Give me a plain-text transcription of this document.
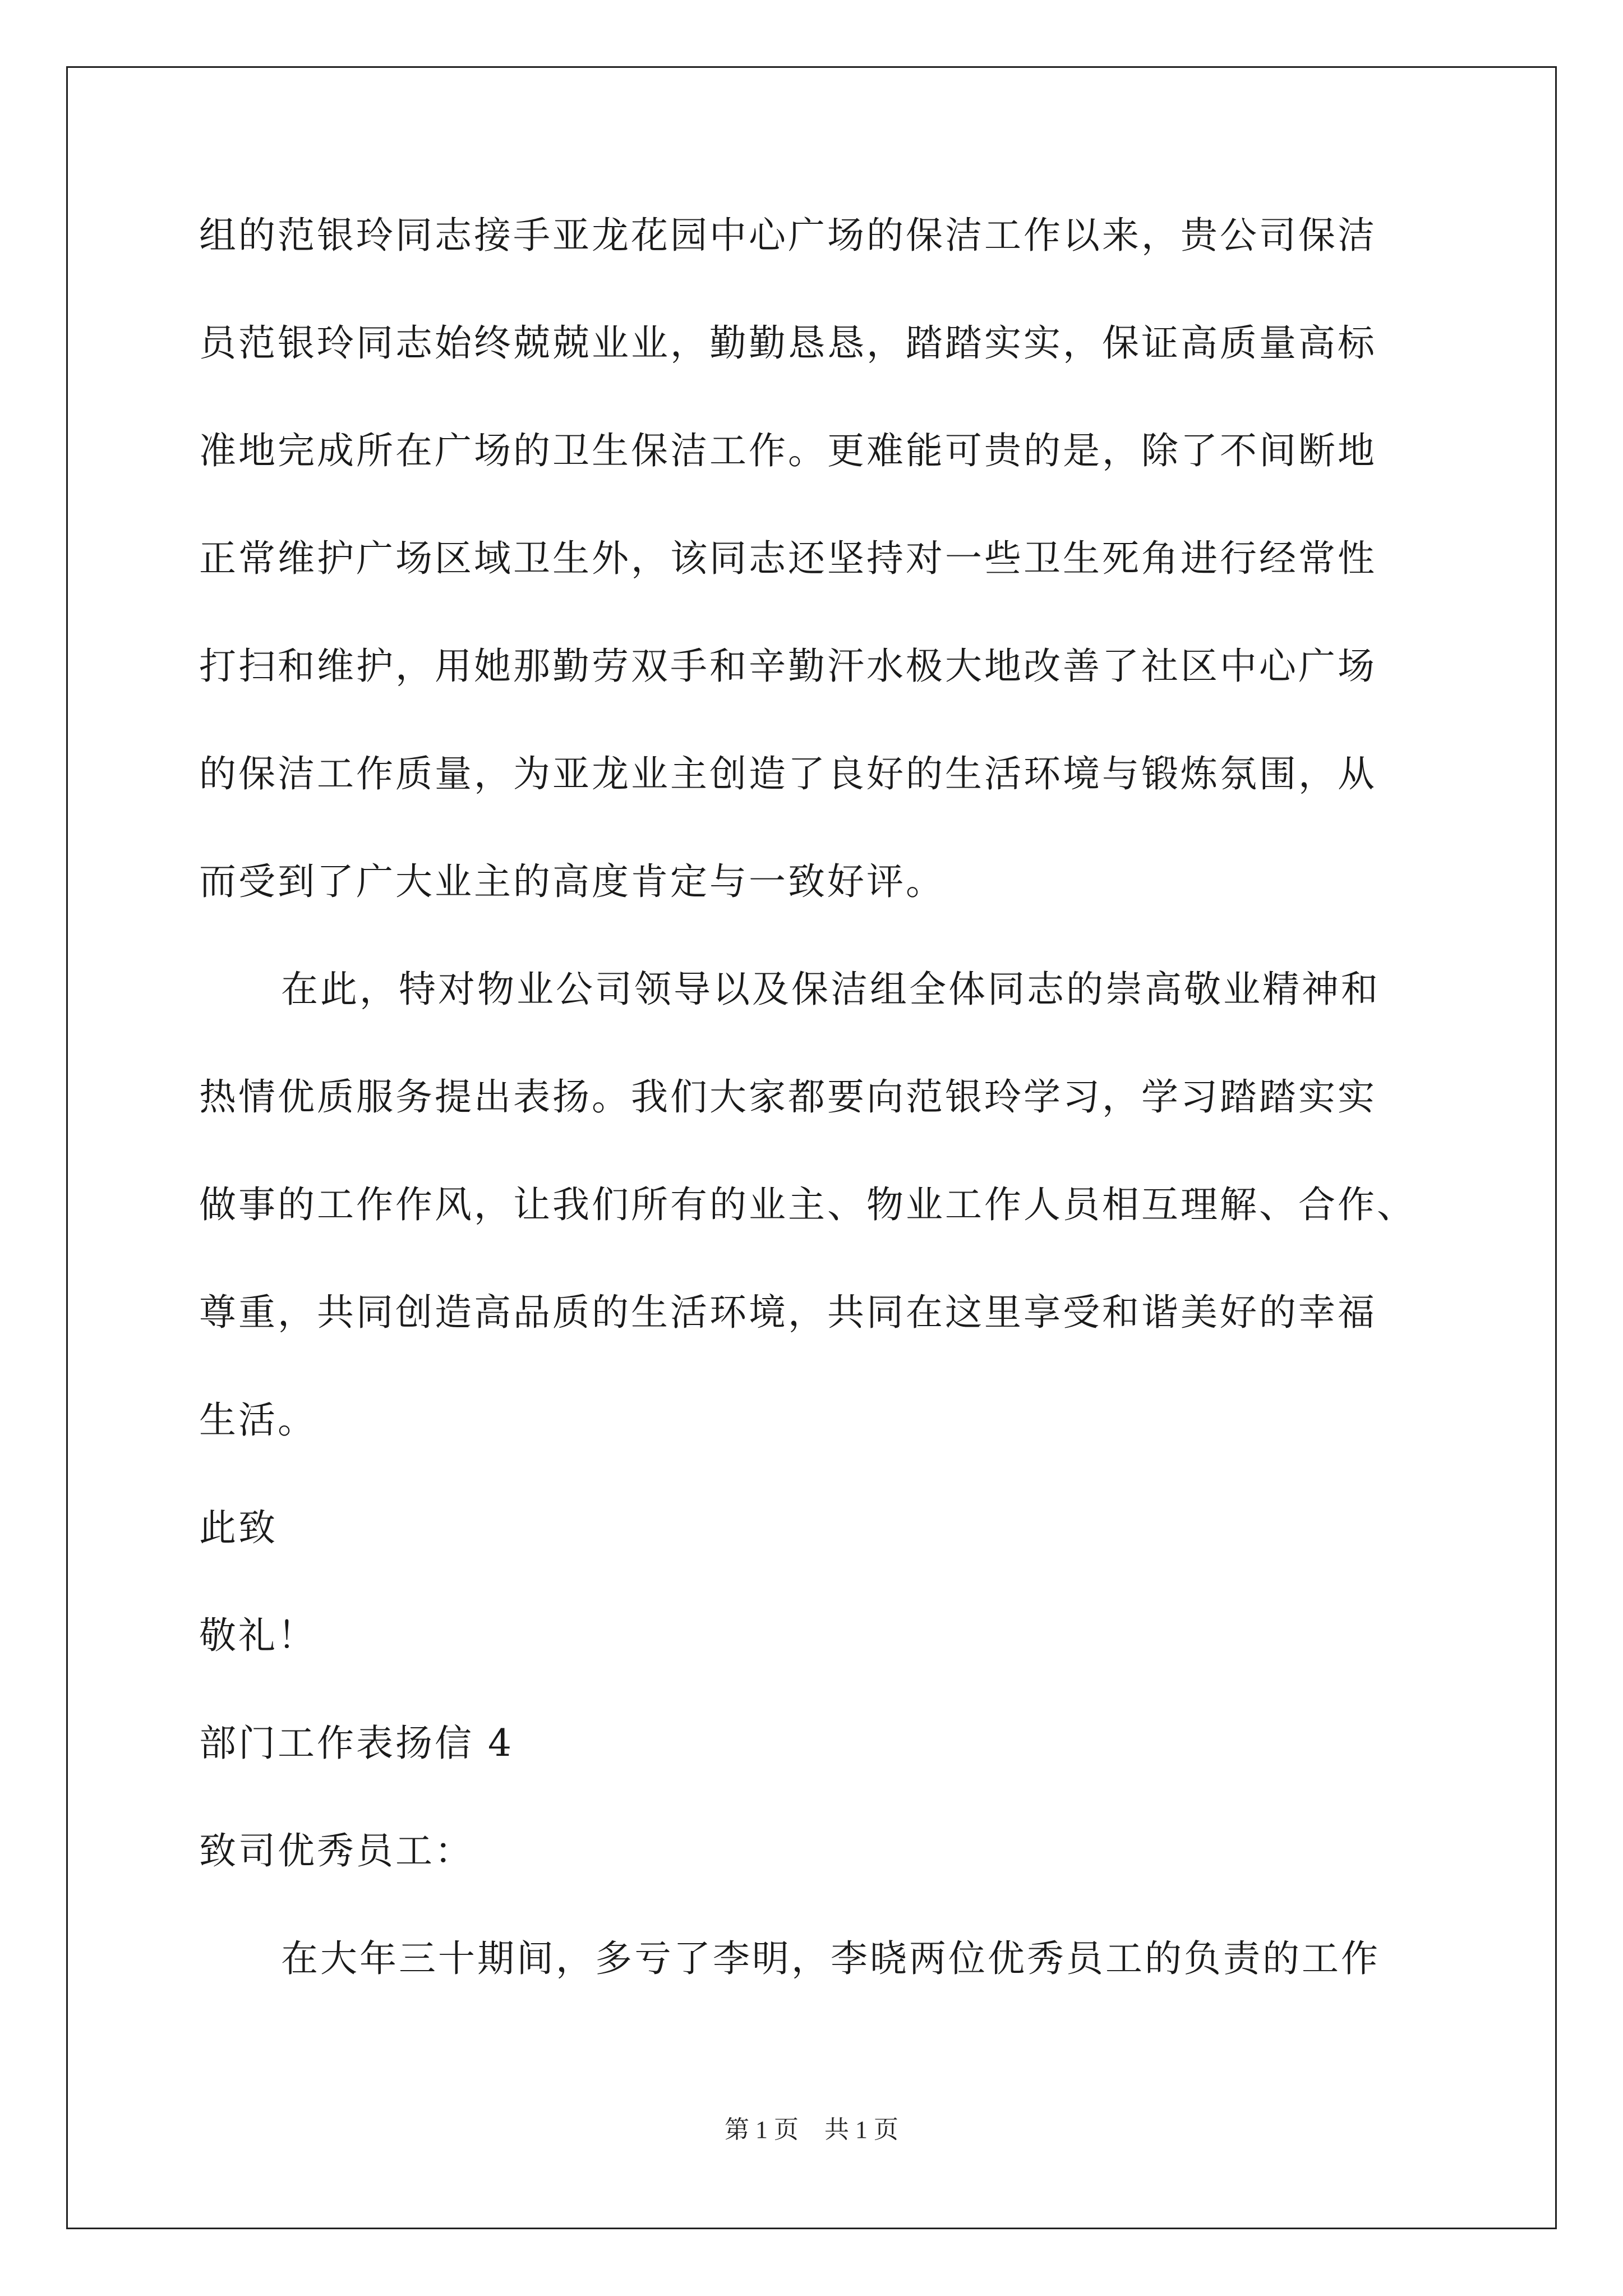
组的范银玲同志接手亚龙花园中心广场的保洁工作以来，贵公司保洁
员范银玲同志始终兢兢业业，勤勤恳恳，踏踏实实，保证高质量高标
准地完成所在广场的卫生保洁工作。更难能可贵的是，除了不间断地
正常维护广场区域卫生外，该同志还坚持对一些卫生死角进行经常性
打扫和维护，用她那勤劳双手和辛勤汗水极大地改善了社区中心广场
的保洁工作质量，为亚龙业主创造了良好的生活环境与锻炼氛围，从
而受到了广大业主的高度肯定与一致好评。
在此，特对物业公司领导以及保洁组全体同志的崇高敬业精神和
热情优质服务提出表扬。我们大家都要向范银玲学习，学习踏踏实实
做事的工作作风，让我们所有的业主、物业工作人员相互理解、合作、
尊重，共同创造高品质的生活环境，共同在这里享受和谐美好的幸福
生活。
此致
敬礼！
部门工作表扬信 4
致司优秀员工：
在大年三十期间，多亏了李明，李晓两位优秀员工的负责的工作
第 1 页 共 1 页
